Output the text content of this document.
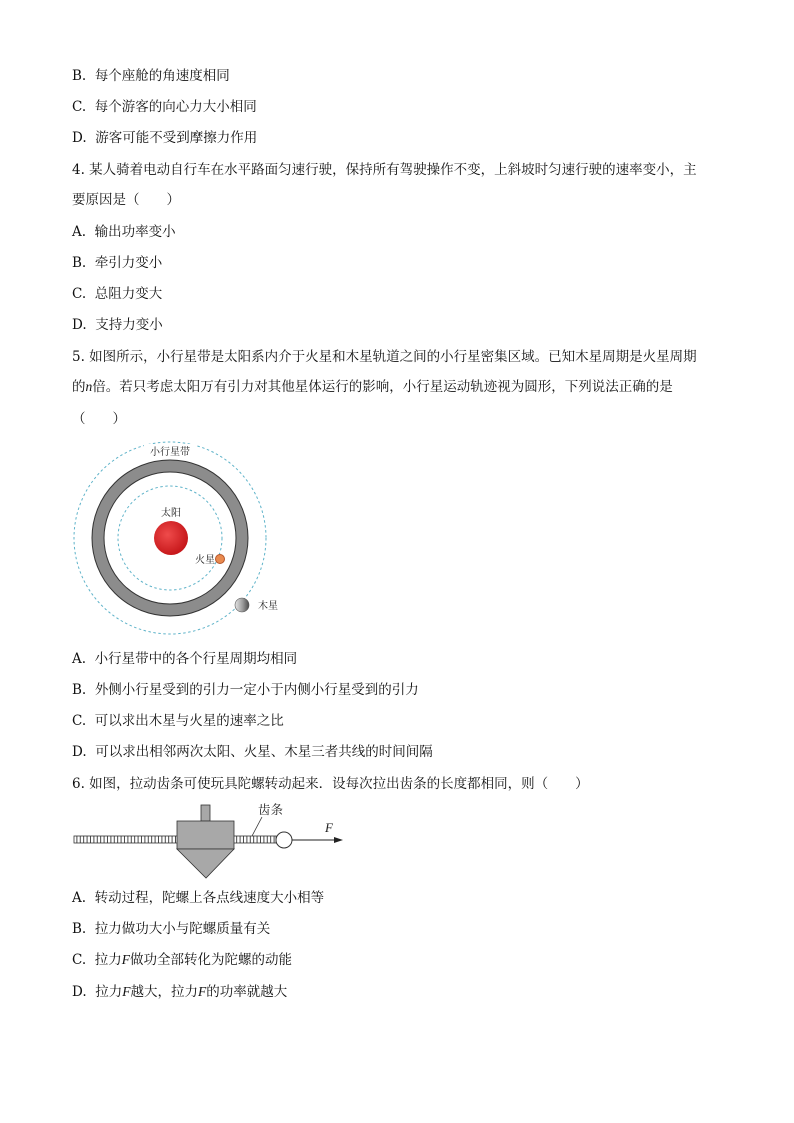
B. 每个座舱的角速度相同
C. 每个游客的向心力大小相同
D. 游客可能不受到摩擦力作用
4. 某人骑着电动自行车在水平路面匀速行驶，保持所有驾驶操作不变，上斜坡时匀速行驶的速率变小，主
要原因是（　　）
A. 输出功率变小
B. 牵引力变小
C. 总阻力变大
D. 支持力变小
5. 如图所示，小行星带是太阳系内介于火星和木星轨道之间的小行星密集区域。已知木星周期是火星周期
的n倍。若只考虑太阳万有引力对其他星体运行的影响，小行星运动轨迹视为圆形，下列说法正确的是
（　　）
小行星带
太阳
火星
木星
A. 小行星带中的各个行星周期均相同
B. 外侧小行星受到的引力一定小于内侧小行星受到的引力
C. 可以求出木星与火星的速率之比
D. 可以求出相邻两次太阳、火星、木星三者共线的时间间隔
6. 如图，拉动齿条可使玩具陀螺转动起来．设每次拉出齿条的长度都相同，则（　　）
齿条
F
A. 转动过程，陀螺上各点线速度大小相等
B. 拉力做功大小与陀螺质量有关
C. 拉力F做功全部转化为陀螺的动能
D. 拉力F越大，拉力F的功率就越大
